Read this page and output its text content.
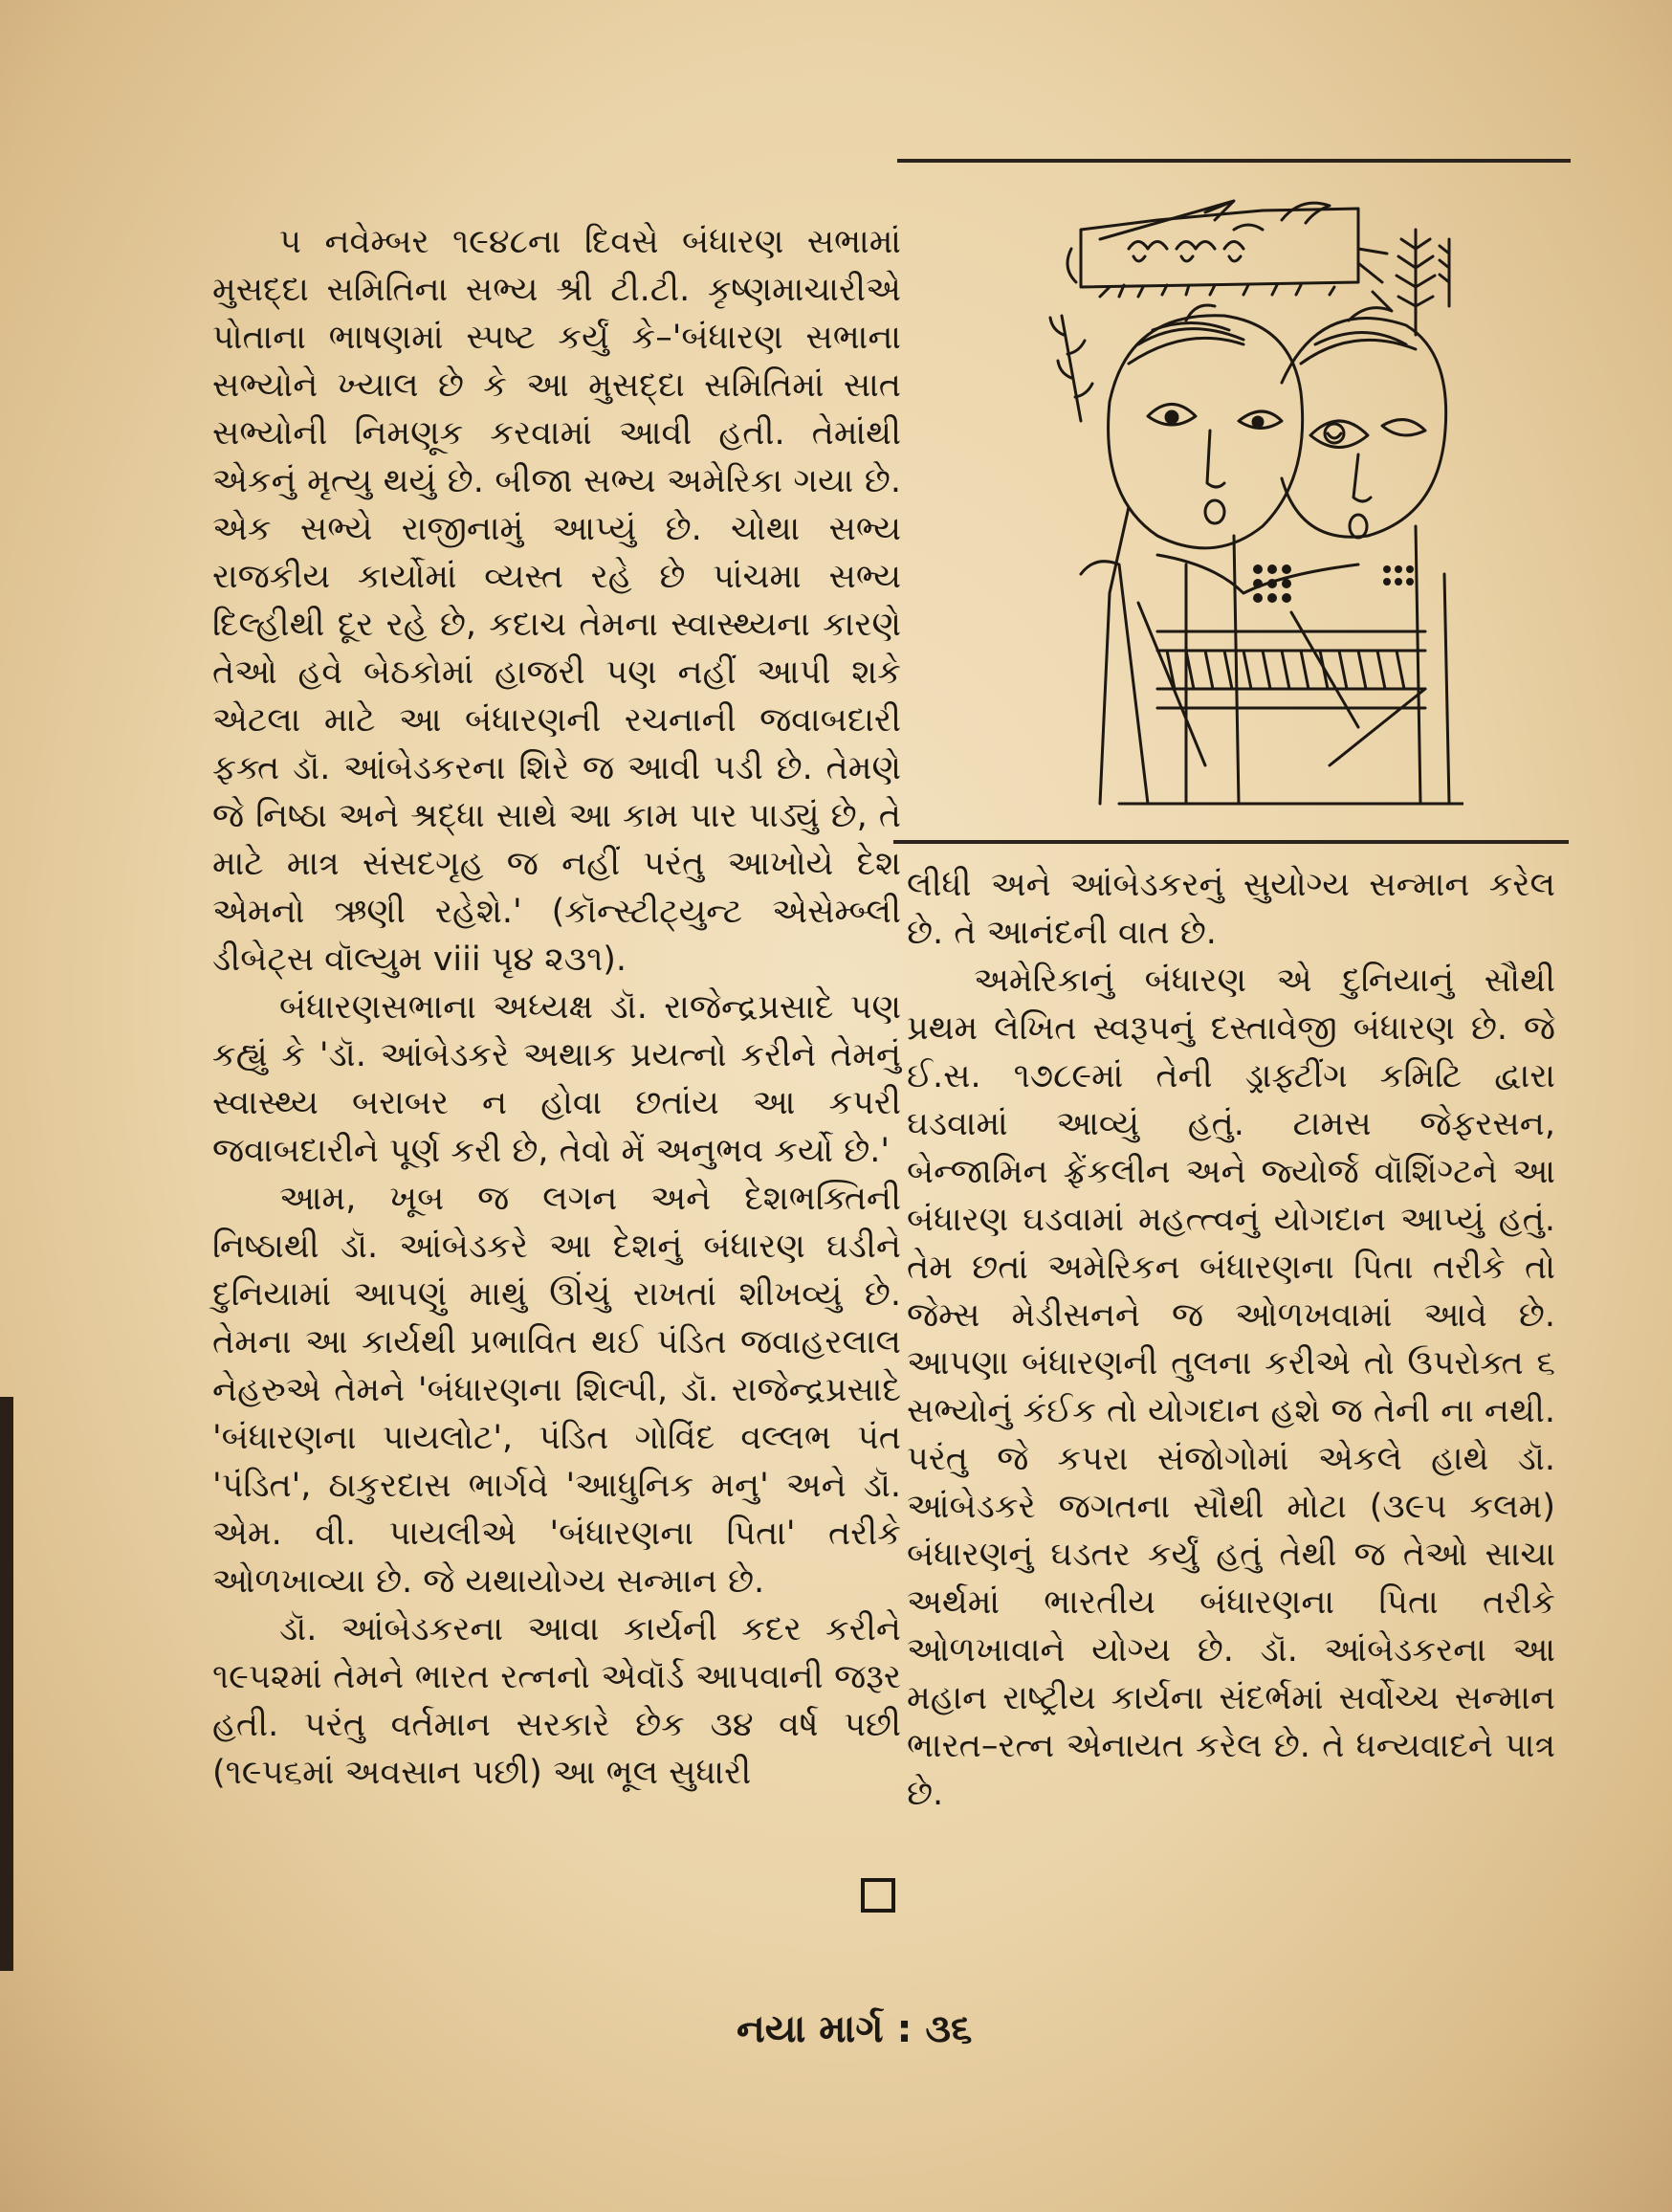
૫ નવેમ્બર ૧૯૪૮ના દિવસે બંધારણ સભામાં મુસદ્દા સમિતિના સભ્ય શ્રી ટી.ટી. કૃષ્ણમાચારીએ પોતાના ભાષણમાં સ્પષ્ટ કર્યું કે–'બંધારણ સભાના સભ્યોને ખ્યાલ છે કે આ મુસદ્દા સમિતિમાં સાત સભ્યોની નિમણૂક કરવામાં આવી હતી. તેમાંથી એકનું મૃત્યુ થયું છે. બીજા સભ્ય અમેરિકા ગયા છે. એક સભ્યે રાજીનામું આપ્યું છે. ચોથા સભ્ય રાજકીય કાર્યોમાં વ્યસ્ત રહે છે પાંચમા સભ્ય દિલ્હીથી દૂર રહે છે, કદાચ તેમના સ્વાસ્થ્યના કારણે તેઓ હવે બેઠકોમાં હાજરી પણ નહીં આપી શકે એટલા માટે આ બંધારણની રચનાની જવાબદારી ફક્ત ડૉ. આંબેડકરના શિરે જ આવી પડી છે. તેમણે જે નિષ્ઠા અને શ્રદ્ધા સાથે આ કામ પાર પાડ્યું છે, તે માટે માત્ર સંસદગૃહ જ નહીં પરંતુ આખોયે દેશ એમનો ઋણી રહેશે.' (કૉન્સ્ટીટ્યુન્ટ એસેમ્બ્લી ડીબેટ્સ વૉલ્યુમ viii પૃ૪ ૨૩૧).

બંધારણસભાના અધ્યક્ષ ડૉ. રાજેન્દ્રપ્રસાદે પણ કહ્યું કે 'ડૉ. આંબેડકરે અથાક પ્રયત્નો કરીને તેમનું સ્વાસ્થ્ય બરાબર ન હોવા છતાંય આ કપરી જવાબદારીને પૂર્ણ કરી છે, તેવો મેં અનુભવ કર્યો છે.'

આમ, ખૂબ જ લગન અને દેશભક્તિની નિષ્ઠાથી ડૉ. આંબેડકરે આ દેશનું બંધારણ ઘડીને દુનિયામાં આપણું માથું ઊંચું રાખતાં શીખવ્યું છે. તેમના આ કાર્યથી પ્રભાવિત થઈ પંડિત જવાહરલાલ નેહરુએ તેમને 'બંધારણના શિલ્પી, ડૉ. રાજેન્દ્રપ્રસાદે 'બંધારણના પાયલોટ', પંડિત ગોવિંદ વલ્લભ પંત 'પંડિત', ઠાકુરદાસ ભાર્ગવે 'આધુનિક મનુ' અને ડૉ. એમ. વી. પાયલીએ 'બંધારણના પિતા' તરીકે ઓળખાવ્યા છે. જે યથાયોગ્ય સન્માન છે.

ડૉ. આંબેડકરના આવા કાર્યની કદર કરીને ૧૯૫૨માં તેમને ભારત રત્નનો એવૉર્ડ આપવાની જરૂર હતી. પરંતુ વર્તમાન સરકારે છેક ૩૪ વર્ષ પછી (૧૯૫૬માં અવસાન પછી) આ ભૂલ સુધારી

લીધી અને આંબેડકરનું સુયોગ્ય સન્માન કરેલ છે. તે આનંદની વાત છે.

અમેરિકાનું બંધારણ એ દુનિયાનું સૌથી પ્રથમ લેખિત સ્વરૂપનું દસ્તાવેજી બંધારણ છે. જે ઈ.સ. ૧૭૮૯માં તેની ડ્રાફ્ટીંગ કમિટિ દ્વારા ઘડવામાં આવ્યું હતું. ટામસ જેફરસન, બેન્જામિન ફ્રેંકલીન અને જ્યોર્જ વૉશિંગ્ટને આ બંધારણ ઘડવામાં મહત્ત્વનું યોગદાન આપ્યું હતું. તેમ છતાં અમેરિકન બંધારણના પિતા તરીકે તો જેમ્સ મેડીસનને જ ઓળખવામાં આવે છે. આપણા બંધારણની તુલના કરીએ તો ઉપરોક્ત ૬ સભ્યોનું કંઈક તો યોગદાન હશે જ તેની ના નથી. પરંતુ જે કપરા સંજોગોમાં એકલે હાથે ડૉ. આંબેડકરે જગતના સૌથી મોટા (૩૯૫ કલમ) બંધારણનું ઘડતર કર્યું હતું તેથી જ તેઓ સાચા અર્થમાં ભારતીય બંધારણના પિતા તરીકે ઓળખાવાને યોગ્ય છે. ડૉ. આંબેડકરના આ મહાન રાષ્ટ્રીય કાર્યના સંદર્ભમાં સર્વોચ્ચ સન્માન ભારત–રત્ન એનાયત કરેલ છે. તે ધન્યવાદને પાત્ર છે.

નયા માર્ગ : ૩૬
